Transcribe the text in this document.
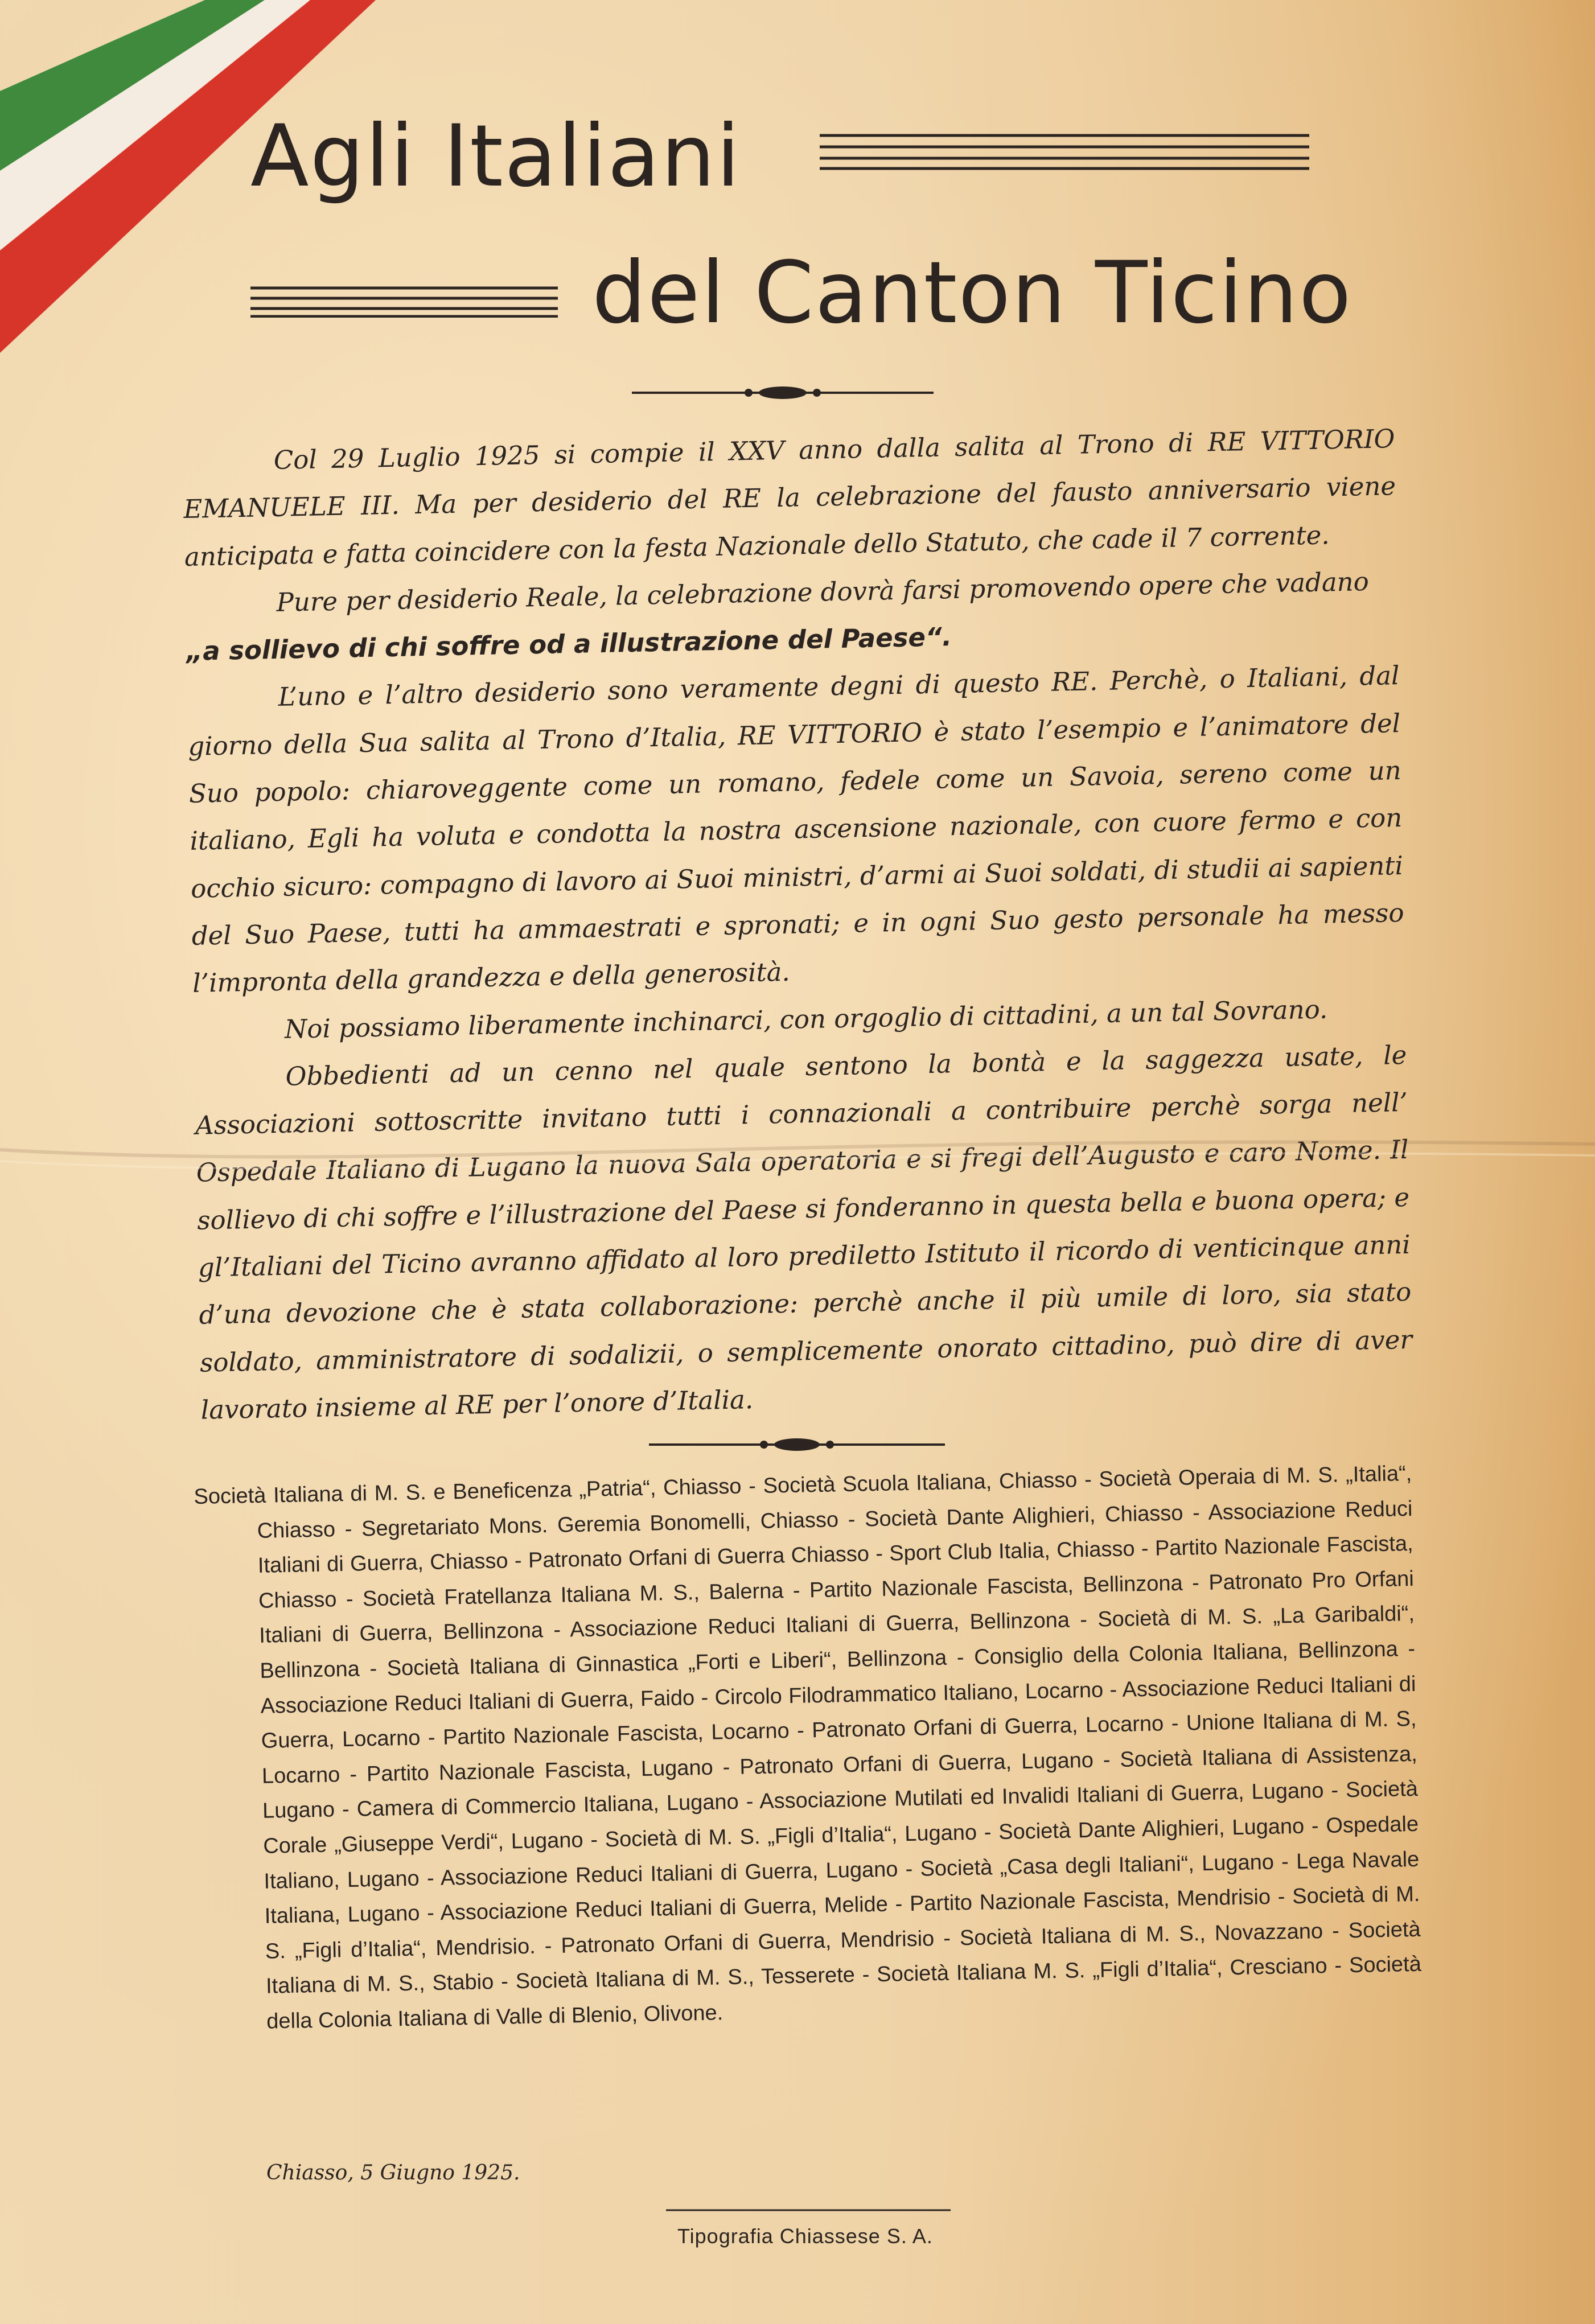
Agli Italiani
del Canton Ticino

Col 29 Luglio 1925 si compie il XXV anno dalla salita al Trono di RE VITTORIO EMANUELE III. Ma per desiderio del RE la celebrazione del fausto anniversario viene anticipata e fatta coincidere con la festa Nazionale dello Statuto, che cade il 7 corrente.

Pure per desiderio Reale, la celebrazione dovrà farsi promovendo opere che vadano

„a sollievo di chi soffre od a illustrazione del Paese“.

L’uno e l’altro desiderio sono veramente degni di questo RE. Perchè, o Italiani, dal giorno della Sua salita al Trono d’Italia, RE VITTORIO è stato l’esempio e l’animatore del Suo popolo: chiaroveggente come un romano, fedele come un Savoia, sereno come un italiano, Egli ha voluta e condotta la nostra ascensione nazionale, con cuore fermo e con occhio sicuro: compagno di lavoro ai Suoi ministri, d’armi ai Suoi soldati, di studii ai sapienti del Suo Paese, tutti ha ammaestrati e spronati; e in ogni Suo gesto personale ha messo l’impronta della grandezza e della generosità.

Noi possiamo liberamente inchinarci, con orgoglio di cittadini, a un tal Sovrano.

Obbedienti ad un cenno nel quale sentono la bontà e la saggezza usate, le Associazioni sottoscritte invitano tutti i connazionali a contribuire perchè sorga nell’ Ospedale Italiano di Lugano la nuova Sala operatoria e si fregi dell’Augusto e caro Nome. Il sollievo di chi soffre e l’illustrazione del Paese si fonderanno in questa bella e buona opera; e gl’Italiani del Ticino avranno affidato al loro prediletto Istituto il ricordo di venticinque anni d’una devozione che è stata collaborazione: perchè anche il più umile di loro, sia stato soldato, amministratore di sodalizii, o semplicemente onorato cittadino, può dire di aver lavorato insieme al RE per l’onore d’Italia.

Società Italiana di M. S. e Beneficenza „Patria“, Chiasso - Società Scuola Italiana, Chiasso - Società Operaia di M. S. „Italia“, Chiasso - Segretariato Mons. Geremia Bonomelli, Chiasso - Società Dante Alighieri, Chiasso - Associazione Reduci Italiani di Guerra, Chiasso - Patronato Orfani di Guerra Chiasso - Sport Club Italia, Chiasso - Partito Nazionale Fascista, Chiasso - Società Fratellanza Italiana M. S., Balerna - Partito Nazionale Fascista, Bellinzona - Patronato Pro Orfani Italiani di Guerra, Bellinzona - Associazione Reduci Italiani di Guerra, Bellinzona - Società di M. S. „La Garibaldi“, Bellinzona - Società Italiana di Ginnastica „Forti e Liberi“, Bellinzona - Consiglio della Colonia Italiana, Bellinzona - Associazione Reduci Italiani di Guerra, Faido - Circolo Filodrammatico Italiano, Locarno - Associazione Reduci Italiani di Guerra, Locarno - Partito Nazionale Fascista, Locarno - Patronato Orfani di Guerra, Locarno - Unione Italiana di M. S, Locarno - Partito Nazionale Fascista, Lugano - Patronato Orfani di Guerra, Lugano - Società Italiana di Assistenza, Lugano - Camera di Commercio Italiana, Lugano - Associazione Mutilati ed Invalidi Italiani di Guerra, Lugano - Società Corale „Giuseppe Verdi“, Lugano - Società di M. S. „Figli d’Italia“, Lugano - Società Dante Alighieri, Lugano - Ospedale Italiano, Lugano - Associazione Reduci Italiani di Guerra, Lugano - Società „Casa degli Italiani“, Lugano - Lega Navale Italiana, Lugano - Associazione Reduci Italiani di Guerra, Melide - Partito Nazionale Fascista, Mendrisio - Società di M. S. „Figli d’Italia“, Mendrisio. - Patronato Orfani di Guerra, Mendrisio - Società Italiana di M. S., Novazzano - Società Italiana di M. S., Stabio - Società Italiana di M. S., Tesserete - Società Italiana M. S. „Figli d’Italia“, Cresciano - Società della Colonia Italiana di Valle di Blenio, Olivone.

Chiasso, 5 Giugno 1925.

Tipografia Chiassese S. A.
